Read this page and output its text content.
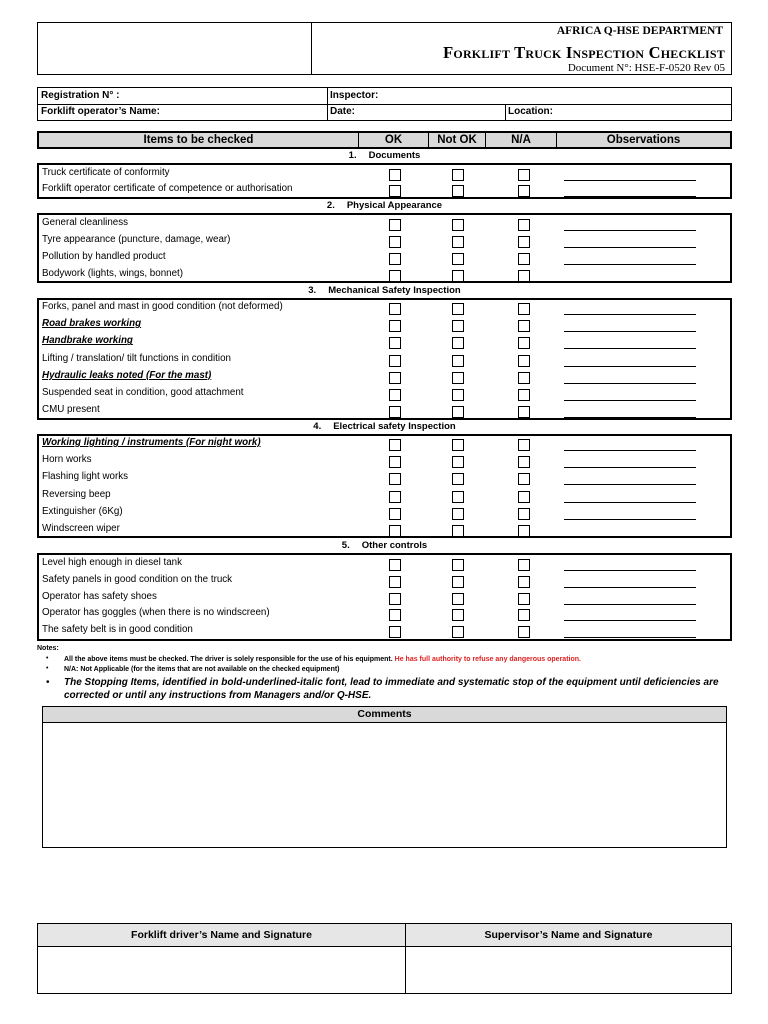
AFRICA Q-HSE DEPARTMENT
Forklift Truck Inspection Checklist
Document N°: HSE-F-0520 Rev 05
Registration N° :	Inspector:
Forklift operator’s Name:	Date:	Location:
Items to be checked	OK	Not OK	N/A	Observations
1. Documents
Truck certificate of conformity
Forklift operator certificate of competence or authorisation
2. Physical Appearance
General cleanliness
Tyre appearance (puncture, damage, wear)
Pollution by handled product
Bodywork (lights, wings, bonnet)
3. Mechanical Safety Inspection
Forks, panel and mast in good condition (not deformed)
Road brakes working
Handbrake working
Lifting / translation/ tilt functions in condition
Hydraulic leaks noted (For the mast)
Suspended seat in condition, good attachment
CMU present
4. Electrical safety Inspection
Working lighting / instruments (For night work)
Horn works
Flashing light works
Reversing beep
Extinguisher (6Kg)
Windscreen wiper
5. Other controls
Level high enough in diesel tank
Safety panels in good condition on the truck
Operator has safety shoes
Operator has goggles (when there is no windscreen)
The safety belt is in good condition
Notes:
• All the above items must be checked. The driver is solely responsible for the use of his equipment. He has full authority to refuse any dangerous operation.
• N/A: Not Applicable (for the items that are not available on the checked equipment)
• The Stopping Items, identified in bold-underlined-italic font, lead to immediate and systematic stop of the equipment until deficiencies are corrected or until any instructions from Managers and/or Q-HSE.
Comments
Forklift driver’s Name and Signature	Supervisor’s Name and Signature
